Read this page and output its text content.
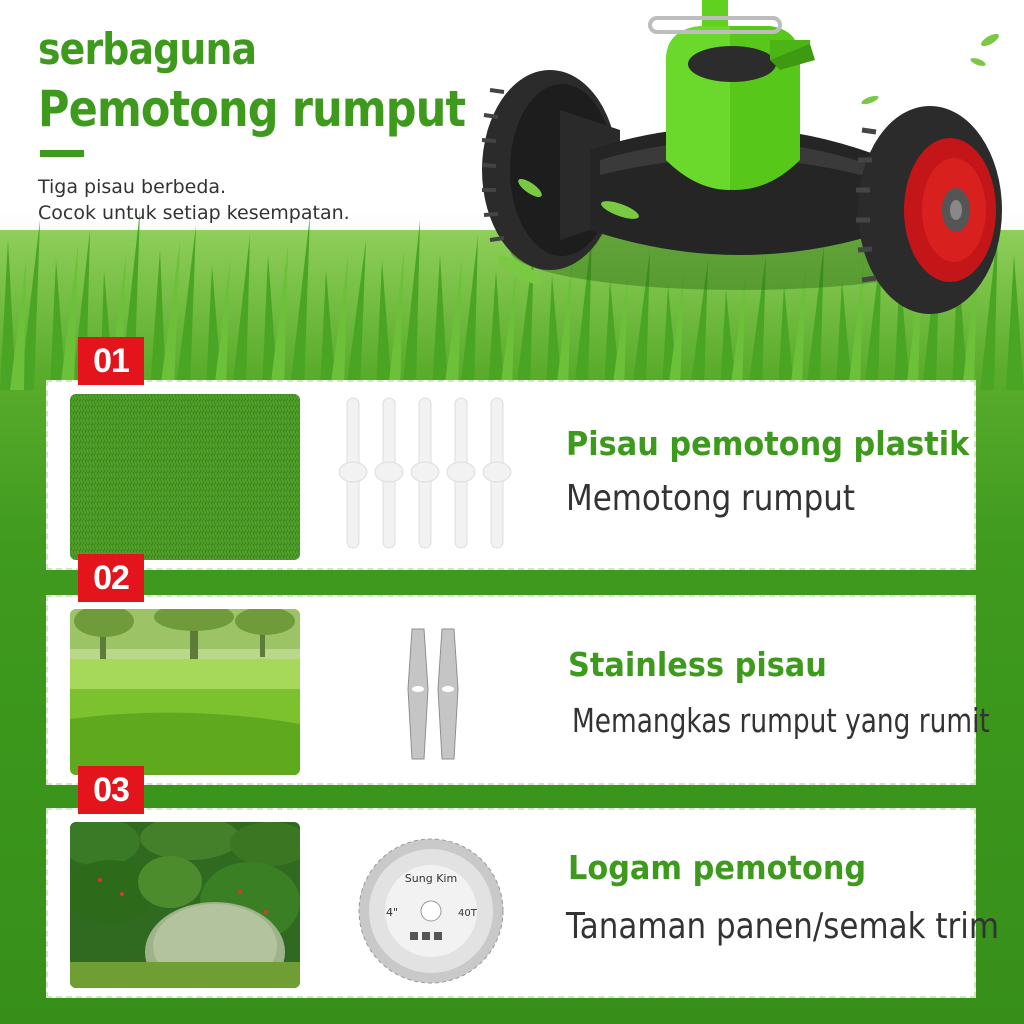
serbaguna
Pemotong rumput
Tiga pisau berbeda.
Cocok untuk setiap kesempatan.
Pisau pemotong plastik
Memotong rumput
01
Stainless pisau
Memangkas rumput yang rumit
02
Sung Kim
4"	40T
Logam pemotong
Tanaman panen/semak trim
03
